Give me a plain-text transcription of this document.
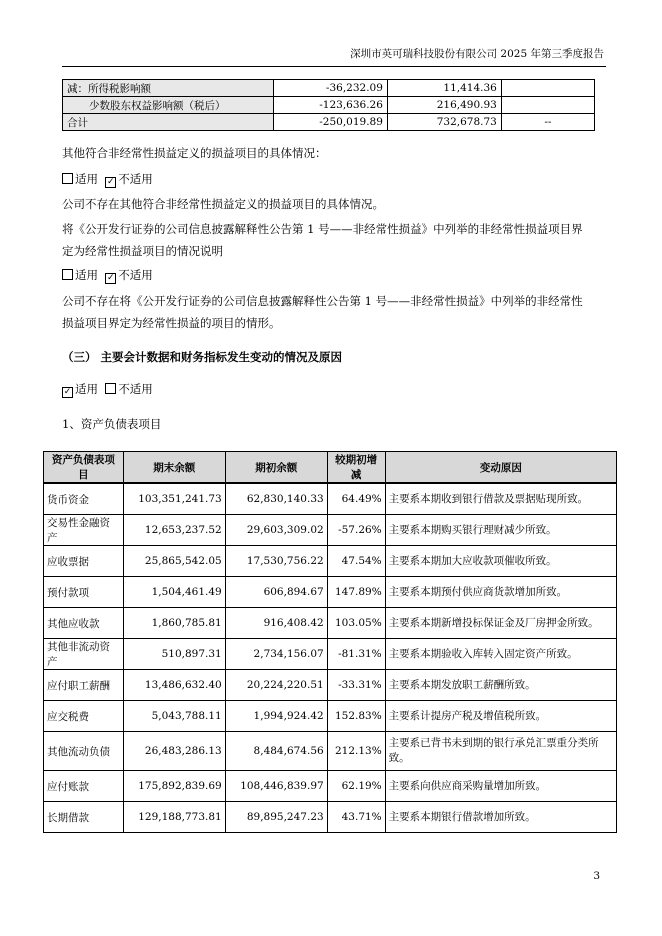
深圳市英可瑞科技股份有限公司 2025 年第三季度报告
减：所得税影响额	-36,232.09	11,414.36	
少数股东权益影响额（税后）	-123,636.26	216,490.93	
合计	-250,019.89	732,678.73	--
其他符合非经常性损益定义的损益项目的具体情况：
适用 ✓ 不适用
公司不存在其他符合非经常性损益定义的损益项目的具体情况。
将《公开发行证券的公司信息披露解释性公告第 1 号——非经常性损益》中列举的非经常性损益项目界
定为经常性损益项目的情况说明
适用 ✓ 不适用
公司不存在将《公开发行证券的公司信息披露解释性公告第 1 号——非经常性损益》中列举的非经常性
损益项目界定为经常性损益的项目的情形。
（三） 主要会计数据和财务指标发生变动的情况及原因
✓ 适用 不适用
1、资产负债表项目
资产负债表项目	期末余额	期初余额	较期初增减	变动原因
货币资金	103,351,241.73	62,830,140.33	64.49%	主要系本期收到银行借款及票据贴现所致。
交易性金融资产	12,653,237.52	29,603,309.02	-57.26%	主要系本期购买银行理财减少所致。
应收票据	25,865,542.05	17,530,756.22	47.54%	主要系本期加大应收款项催收所致。
预付款项	1,504,461.49	606,894.67	147.89%	主要系本期预付供应商货款增加所致。
其他应收款	1,860,785.81	916,408.42	103.05%	主要系本期新增投标保证金及厂房押金所致。
其他非流动资产	510,897.31	2,734,156.07	-81.31%	主要系本期验收入库转入固定资产所致。
应付职工薪酬	13,486,632.40	20,224,220.51	-33.31%	主要系本期发放职工薪酬所致。
应交税费	5,043,788.11	1,994,924.42	152.83%	主要系计提房产税及增值税所致。
其他流动负债	26,483,286.13	8,484,674.56	212.13%	主要系已背书未到期的银行承兑汇票重分类所致。
应付账款	175,892,839.69	108,446,839.97	62.19%	主要系向供应商采购量增加所致。
长期借款	129,188,773.81	89,895,247.23	43.71%	主要系本期银行借款增加所致。
3
